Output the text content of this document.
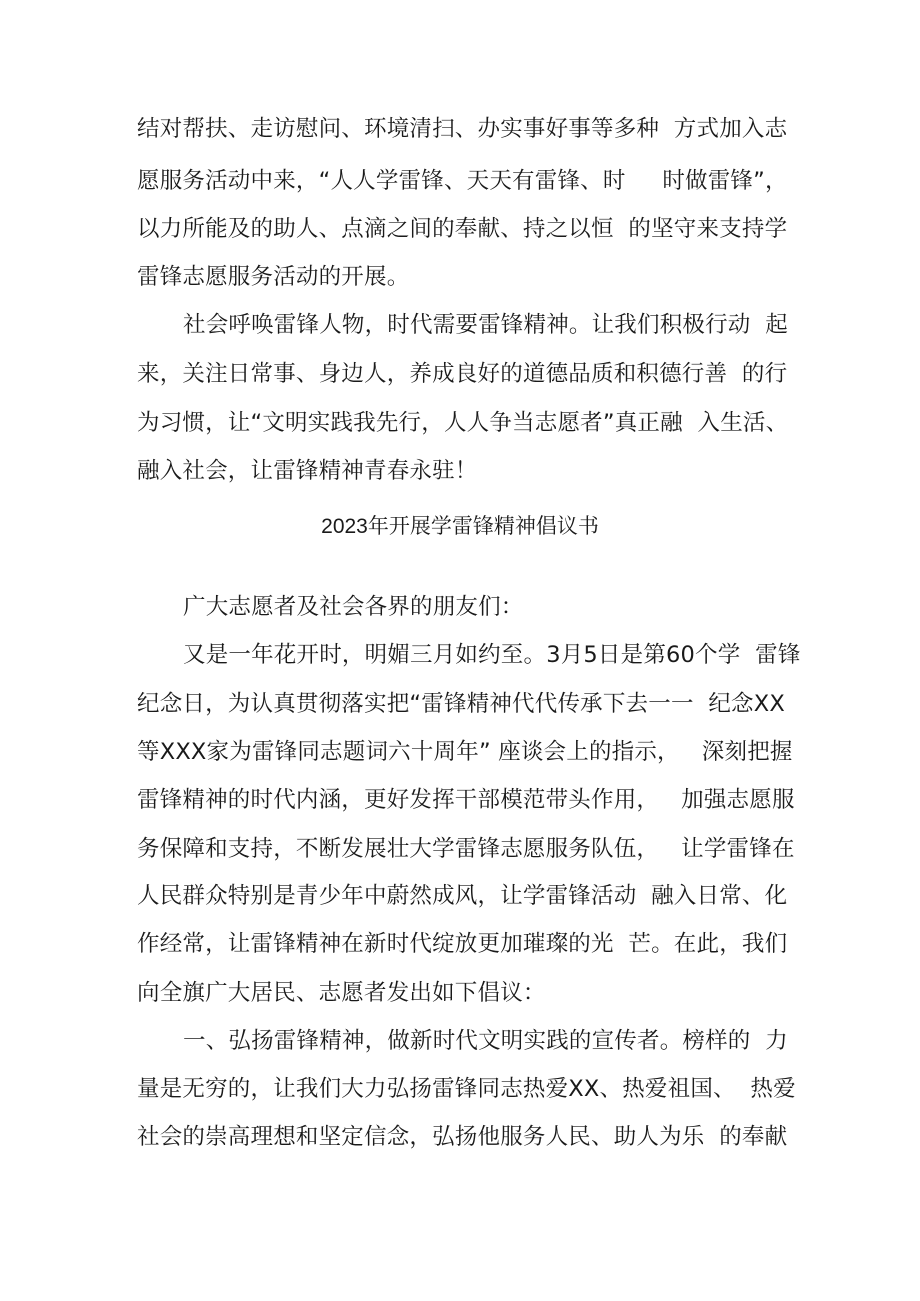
结对帮扶、走访慰问、环境清扫、办实事好事等多种  方式加入志
愿服务活动中来，“人人学雷锋、天天有雷锋、时     时做雷锋”，
以力所能及的助人、点滴之间的奉献、持之以恒  的坚守来支持学
雷锋志愿服务活动的开展。
社会呼唤雷锋人物，时代需要雷锋精神。让我们积极行动  起
来，关注日常事、身边人，养成良好的道德品质和积德行善  的行
为习惯，让“文明实践我先行，人人争当志愿者”真正融  入生活、
融入社会，让雷锋精神青春永驻！
2023年开展学雷锋精神倡议书
广大志愿者及社会各界的朋友们：
又是一年花开时，明媚三月如约至。3月5日是第60个学  雷锋
纪念日，为认真贯彻落实把“雷锋精神代代传承下去一一  纪念XX
等XXX家为雷锋同志题词六十周年” 座谈会上的指示，   深刻把握
雷锋精神的时代内涵，更好发挥干部模范带头作用，   加强志愿服
务保障和支持，不断发展壮大学雷锋志愿服务队伍，   让学雷锋在
人民群众特别是青少年中蔚然成风，让学雷锋活动  融入日常、化
作经常，让雷锋精神在新时代绽放更加璀璨的光  芒。在此，我们
向全旗广大居民、志愿者发出如下倡议：
一、弘扬雷锋精神，做新时代文明实践的宣传者。榜样的  力
量是无穷的，让我们大力弘扬雷锋同志热爱XX、热爱祖国、  热爱
社会的崇高理想和坚定信念，弘扬他服务人民、助人为乐  的奉献
